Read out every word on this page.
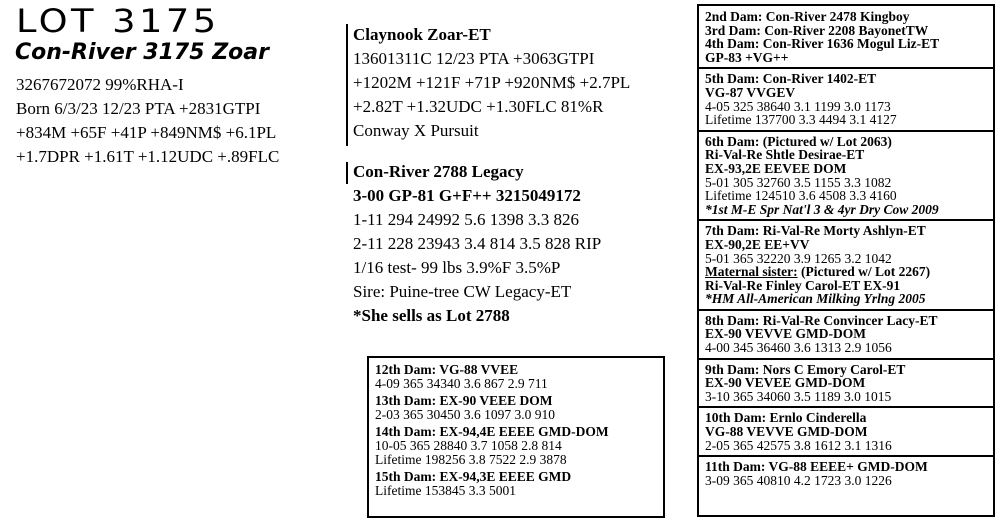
LOT 3175
Con-River 3175 Zoar
3267672072 99%RHA-I
Born 6/3/23 12/23 PTA +2831GTPI
+834M +65F +41P +849NM$ +6.1PL
+1.7DPR +1.61T +1.12UDC +.89FLC
Claynook Zoar-ET
13601311C 12/23 PTA +3063GTPI
+1202M +121F +71P +920NM$ +2.7PL
+2.82T +1.32UDC +1.30FLC 81%R
Conway X Pursuit
Con-River 2788 Legacy
3-00 GP-81 G+F++ 3215049172
1-11 294 24992 5.6 1398 3.3 826
2-11 228 23943 3.4 814 3.5 828 RIP
1/16 test- 99 lbs 3.9%F 3.5%P
Sire: Puine-tree CW Legacy-ET
*She sells as Lot 2788
12th Dam: VG-88 VVEE
4-09 365 34340 3.6 867 2.9 711
13th Dam: EX-90 VEEE DOM
2-03 365 30450 3.6 1097 3.0 910
14th Dam: EX-94,4E EEEE GMD-DOM
10-05 365 28840 3.7 1058 2.8 814
Lifetime 198256 3.8 7522 2.9 3878
15th Dam: EX-94,3E EEEE GMD
Lifetime 153845 3.3 5001
2nd Dam: Con-River 2478 Kingboy
3rd Dam: Con-River 2208 BayonetTW
4th Dam: Con-River 1636 Mogul Liz-ET
GP-83 +VG++
5th Dam: Con-River 1402-ET
VG-87 VVGEV
4-05 325 38640 3.1 1199 3.0 1173
Lifetime 137700 3.3 4494 3.1 4127
6th Dam: (Pictured w/ Lot 2063)
Ri-Val-Re Shtle Desirae-ET
EX-93,2E EEVEE DOM
5-01 305 32760 3.5 1155 3.3 1082
Lifetime 124510 3.6 4508 3.3 4160
*1st M-E Spr Nat'l 3 & 4yr Dry Cow 2009
7th Dam: Ri-Val-Re Morty Ashlyn-ET
EX-90,2E EE+VV
5-01 365 32220 3.9 1265 3.2 1042
Maternal sister: (Pictured w/ Lot 2267)
Ri-Val-Re Finley Carol-ET EX-91
*HM All-American Milking Yrlng 2005
8th Dam: Ri-Val-Re Convincer Lacy-ET
EX-90 VEVVE GMD-DOM
4-00 345 36460 3.6 1313 2.9 1056
9th Dam: Nors C Emory Carol-ET
EX-90 VEVEE GMD-DOM
3-10 365 34060 3.5 1189 3.0 1015
10th Dam: Ernlo Cinderella
VG-88 VEVVE GMD-DOM
2-05 365 42575 3.8 1612 3.1 1316
11th Dam: VG-88 EEEE+ GMD-DOM
3-09 365 40810 4.2 1723 3.0 1226
